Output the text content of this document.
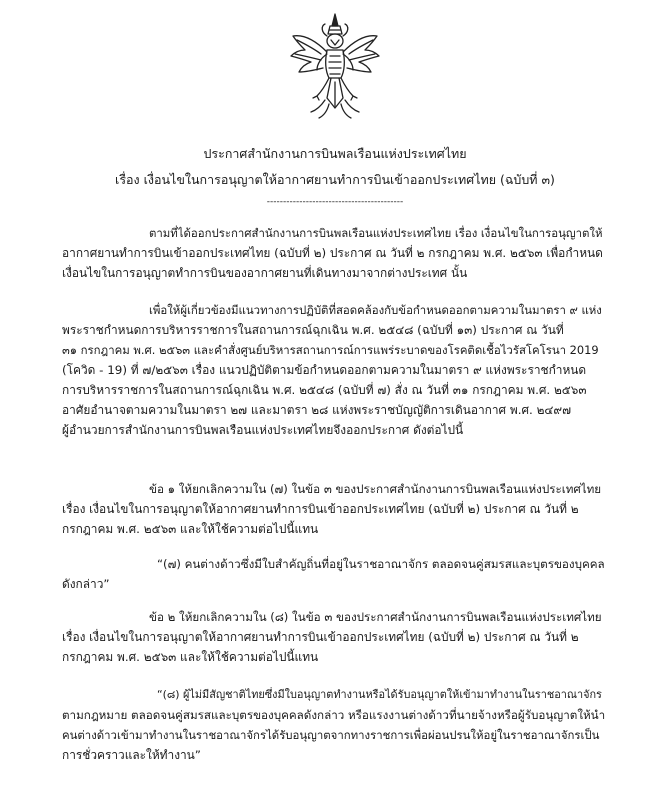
ประกาศสำนักงานการบินพลเรือนแห่งประเทศไทย
เรื่อง เงื่อนไขในการอนุญาตให้อากาศยานทำการบินเข้าออกประเทศไทย (ฉบับที่ ๓)
------------------------------------------
ตามที่ได้ออกประกาศสำนักงานการบินพลเรือนแห่งประเทศไทย เรื่อง เงื่อนไขในการอนุญาตให้
อากาศยานทำการบินเข้าออกประเทศไทย (ฉบับที่ ๒) ประกาศ ณ วันที่ ๒ กรกฎาคม พ.ศ. ๒๕๖๓ เพื่อกำหนด
เงื่อนไขในการอนุญาตทำการบินของอากาศยานที่เดินทางมาจากต่างประเทศ นั้น
เพื่อให้ผู้เกี่ยวข้องมีแนวทางการปฏิบัติที่สอดคล้องกับข้อกำหนดออกตามความในมาตรา ๙ แห่ง
พระราชกำหนดการบริหารราชการในสถานการณ์ฉุกเฉิน พ.ศ. ๒๕๔๘ (ฉบับที่ ๑๓) ประกาศ ณ วันที่
๓๑ กรกฎาคม พ.ศ. ๒๕๖๓ และคำสั่งศูนย์บริหารสถานการณ์การแพร่ระบาดของโรคติดเชื้อไวรัสโคโรนา 2019
(โควิด - 19) ที่ ๗/๒๕๖๓ เรื่อง แนวปฏิบัติตามข้อกำหนดออกตามความในมาตรา ๙ แห่งพระราชกำหนด
การบริหารราชการในสถานการณ์ฉุกเฉิน พ.ศ. ๒๕๔๘ (ฉบับที่ ๗) สั่ง ณ วันที่ ๓๑ กรกฎาคม พ.ศ. ๒๕๖๓
อาศัยอำนาจตามความในมาตรา ๒๗ และมาตรา ๒๘ แห่งพระราชบัญญัติการเดินอากาศ พ.ศ. ๒๔๙๗
ผู้อำนวยการสำนักงานการบินพลเรือนแห่งประเทศไทยจึงออกประกาศ ดังต่อไปนี้
ข้อ ๑ ให้ยกเลิกความใน (๗) ในข้อ ๓ ของประกาศสำนักงานการบินพลเรือนแห่งประเทศไทย
เรื่อง เงื่อนไขในการอนุญาตให้อากาศยานทำการบินเข้าออกประเทศไทย (ฉบับที่ ๒) ประกาศ ณ วันที่ ๒
กรกฎาคม พ.ศ. ๒๕๖๓ และให้ใช้ความต่อไปนี้แทน
“(๗) คนต่างด้าวซึ่งมีใบสำคัญถิ่นที่อยู่ในราชอาณาจักร ตลอดจนคู่สมรสและบุตรของบุคคล
ดังกล่าว”
ข้อ ๒ ให้ยกเลิกความใน (๘) ในข้อ ๓ ของประกาศสำนักงานการบินพลเรือนแห่งประเทศไทย
เรื่อง เงื่อนไขในการอนุญาตให้อากาศยานทำการบินเข้าออกประเทศไทย (ฉบับที่ ๒) ประกาศ ณ วันที่ ๒
กรกฎาคม พ.ศ. ๒๕๖๓ และให้ใช้ความต่อไปนี้แทน
“(๘) ผู้ไม่มีสัญชาติไทยซึ่งมีใบอนุญาตทำงานหรือได้รับอนุญาตให้เข้ามาทำงานในราชอาณาจักร
ตามกฎหมาย ตลอดจนคู่สมรสและบุตรของบุคคลดังกล่าว หรือแรงงานต่างด้าวที่นายจ้างหรือผู้รับอนุญาตให้นำ
คนต่างด้าวเข้ามาทำงานในราชอาณาจักรได้รับอนุญาตจากทางราชการเพื่อผ่อนปรนให้อยู่ในราชอาณาจักรเป็น
การชั่วคราวและให้ทำงาน”
